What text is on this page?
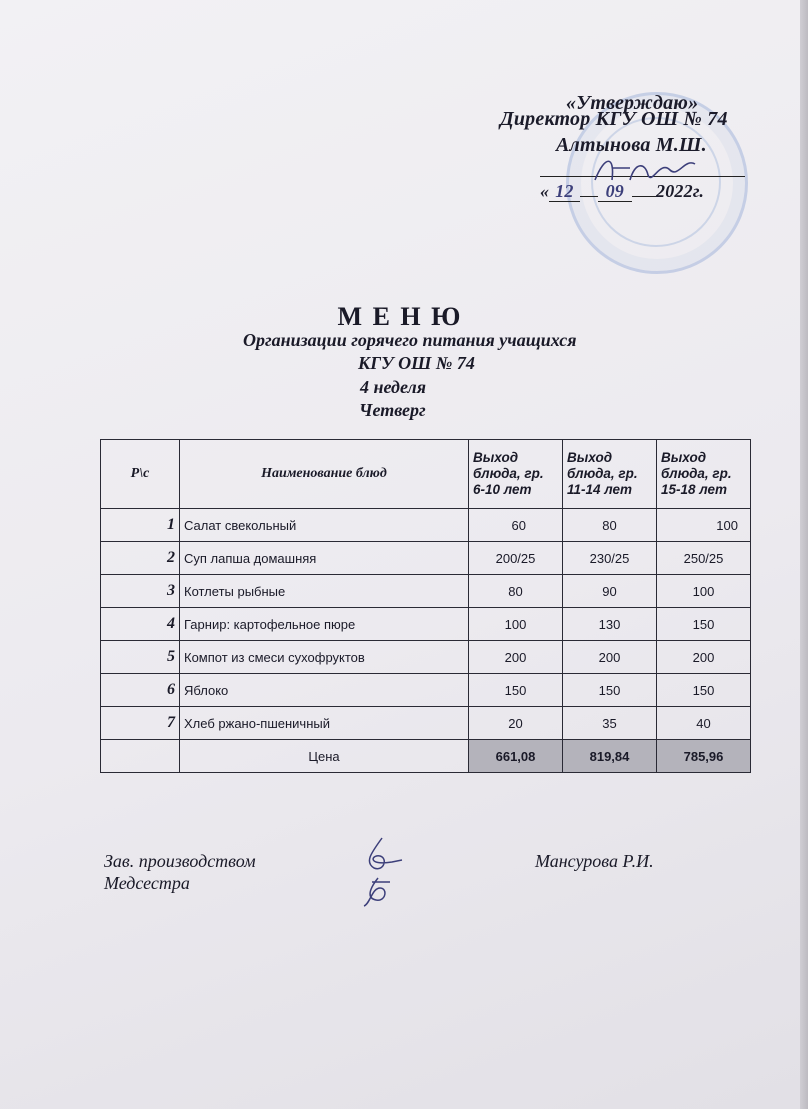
«Утверждаю»
Директор КГУ ОШ № 74
Алтынова М.Ш.
« 12 09 2022г.
М Е Н Ю
Организации горячего питания учащихся
КГУ ОШ № 74
4 неделя
Четверг
Р\с	Наименование блюд	Выход блюда, гр. 6-10 лет	Выход блюда, гр. 11-14 лет	Выход блюда, гр. 15-18 лет
1	Салат свекольный	60	80	100
2	Суп лапша домашняя	200/25	230/25	250/25
3	Котлеты рыбные	80	90	100
4	Гарнир: картофельное пюре	100	130	150
5	Компот из смеси сухофруктов	200	200	200
6	Яблоко	150	150	150
7	Хлеб ржано-пшеничный	20	35	40
	Цена	661,08	819,84	785,96
Зав. производством
Медсестра
Мансурова Р.И.
